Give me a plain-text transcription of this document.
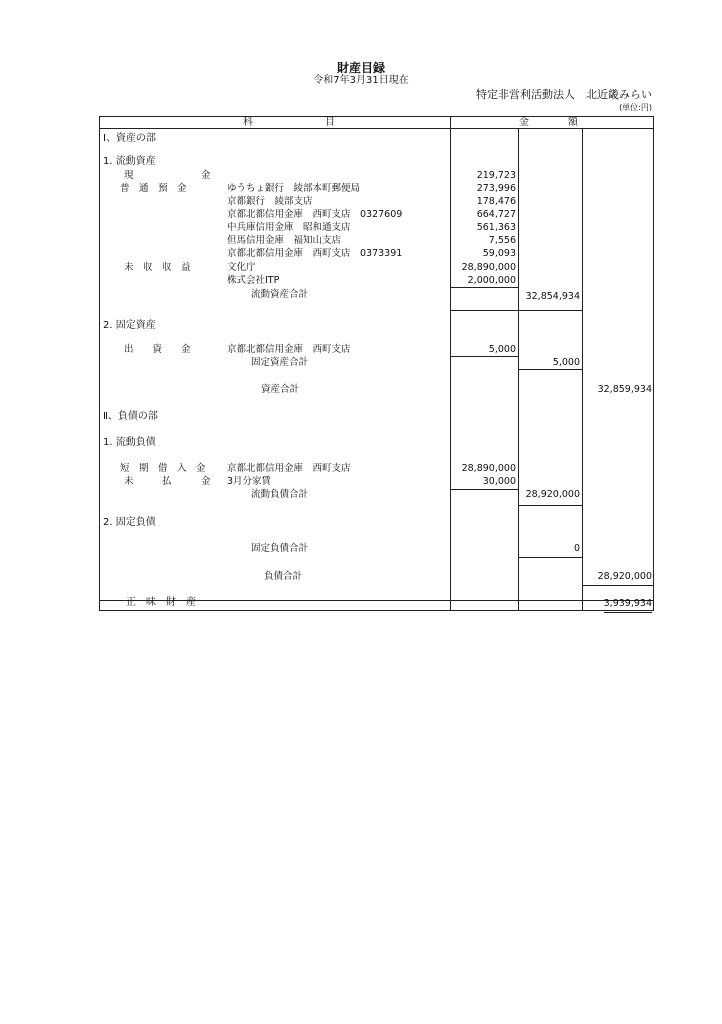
財産目録
令和7年3月31日現在
特定非営利活動法人　北近畿みらい
(単位:円)
科	目	金	額
Ⅰ、資産の部
1. 流動資産
現	金	219,723
普　通　預　金	ゆうちょ銀行　綾部本町郵便局	273,996
京都銀行　綾部支店	178,476
京都北都信用金庫　西町支店　0327609	664,727
中兵庫信用金庫　昭和通支店	561,363
但馬信用金庫　福知山支店	7,556
京都北都信用金庫　西町支店　0373391	59,093
未　収　収　益	文化庁	28,890,000
株式会社ITP	2,000,000
流動資産合計	32,854,934
2. 固定資産
出　　資　　金	京都北都信用金庫　西町支店	5,000
固定資産合計	5,000
資産合計	32,859,934
Ⅱ、負債の部
1. 流動負債
短　期　借　入　金 京都北都信用金庫　西町支店	28,890,000
未	払	金 3月分家賃	30,000
流動負債合計	28,920,000
2. 固定負債
固定負債合計	0
負債合計	28,920,000
正　味　財　産	3,939,934
